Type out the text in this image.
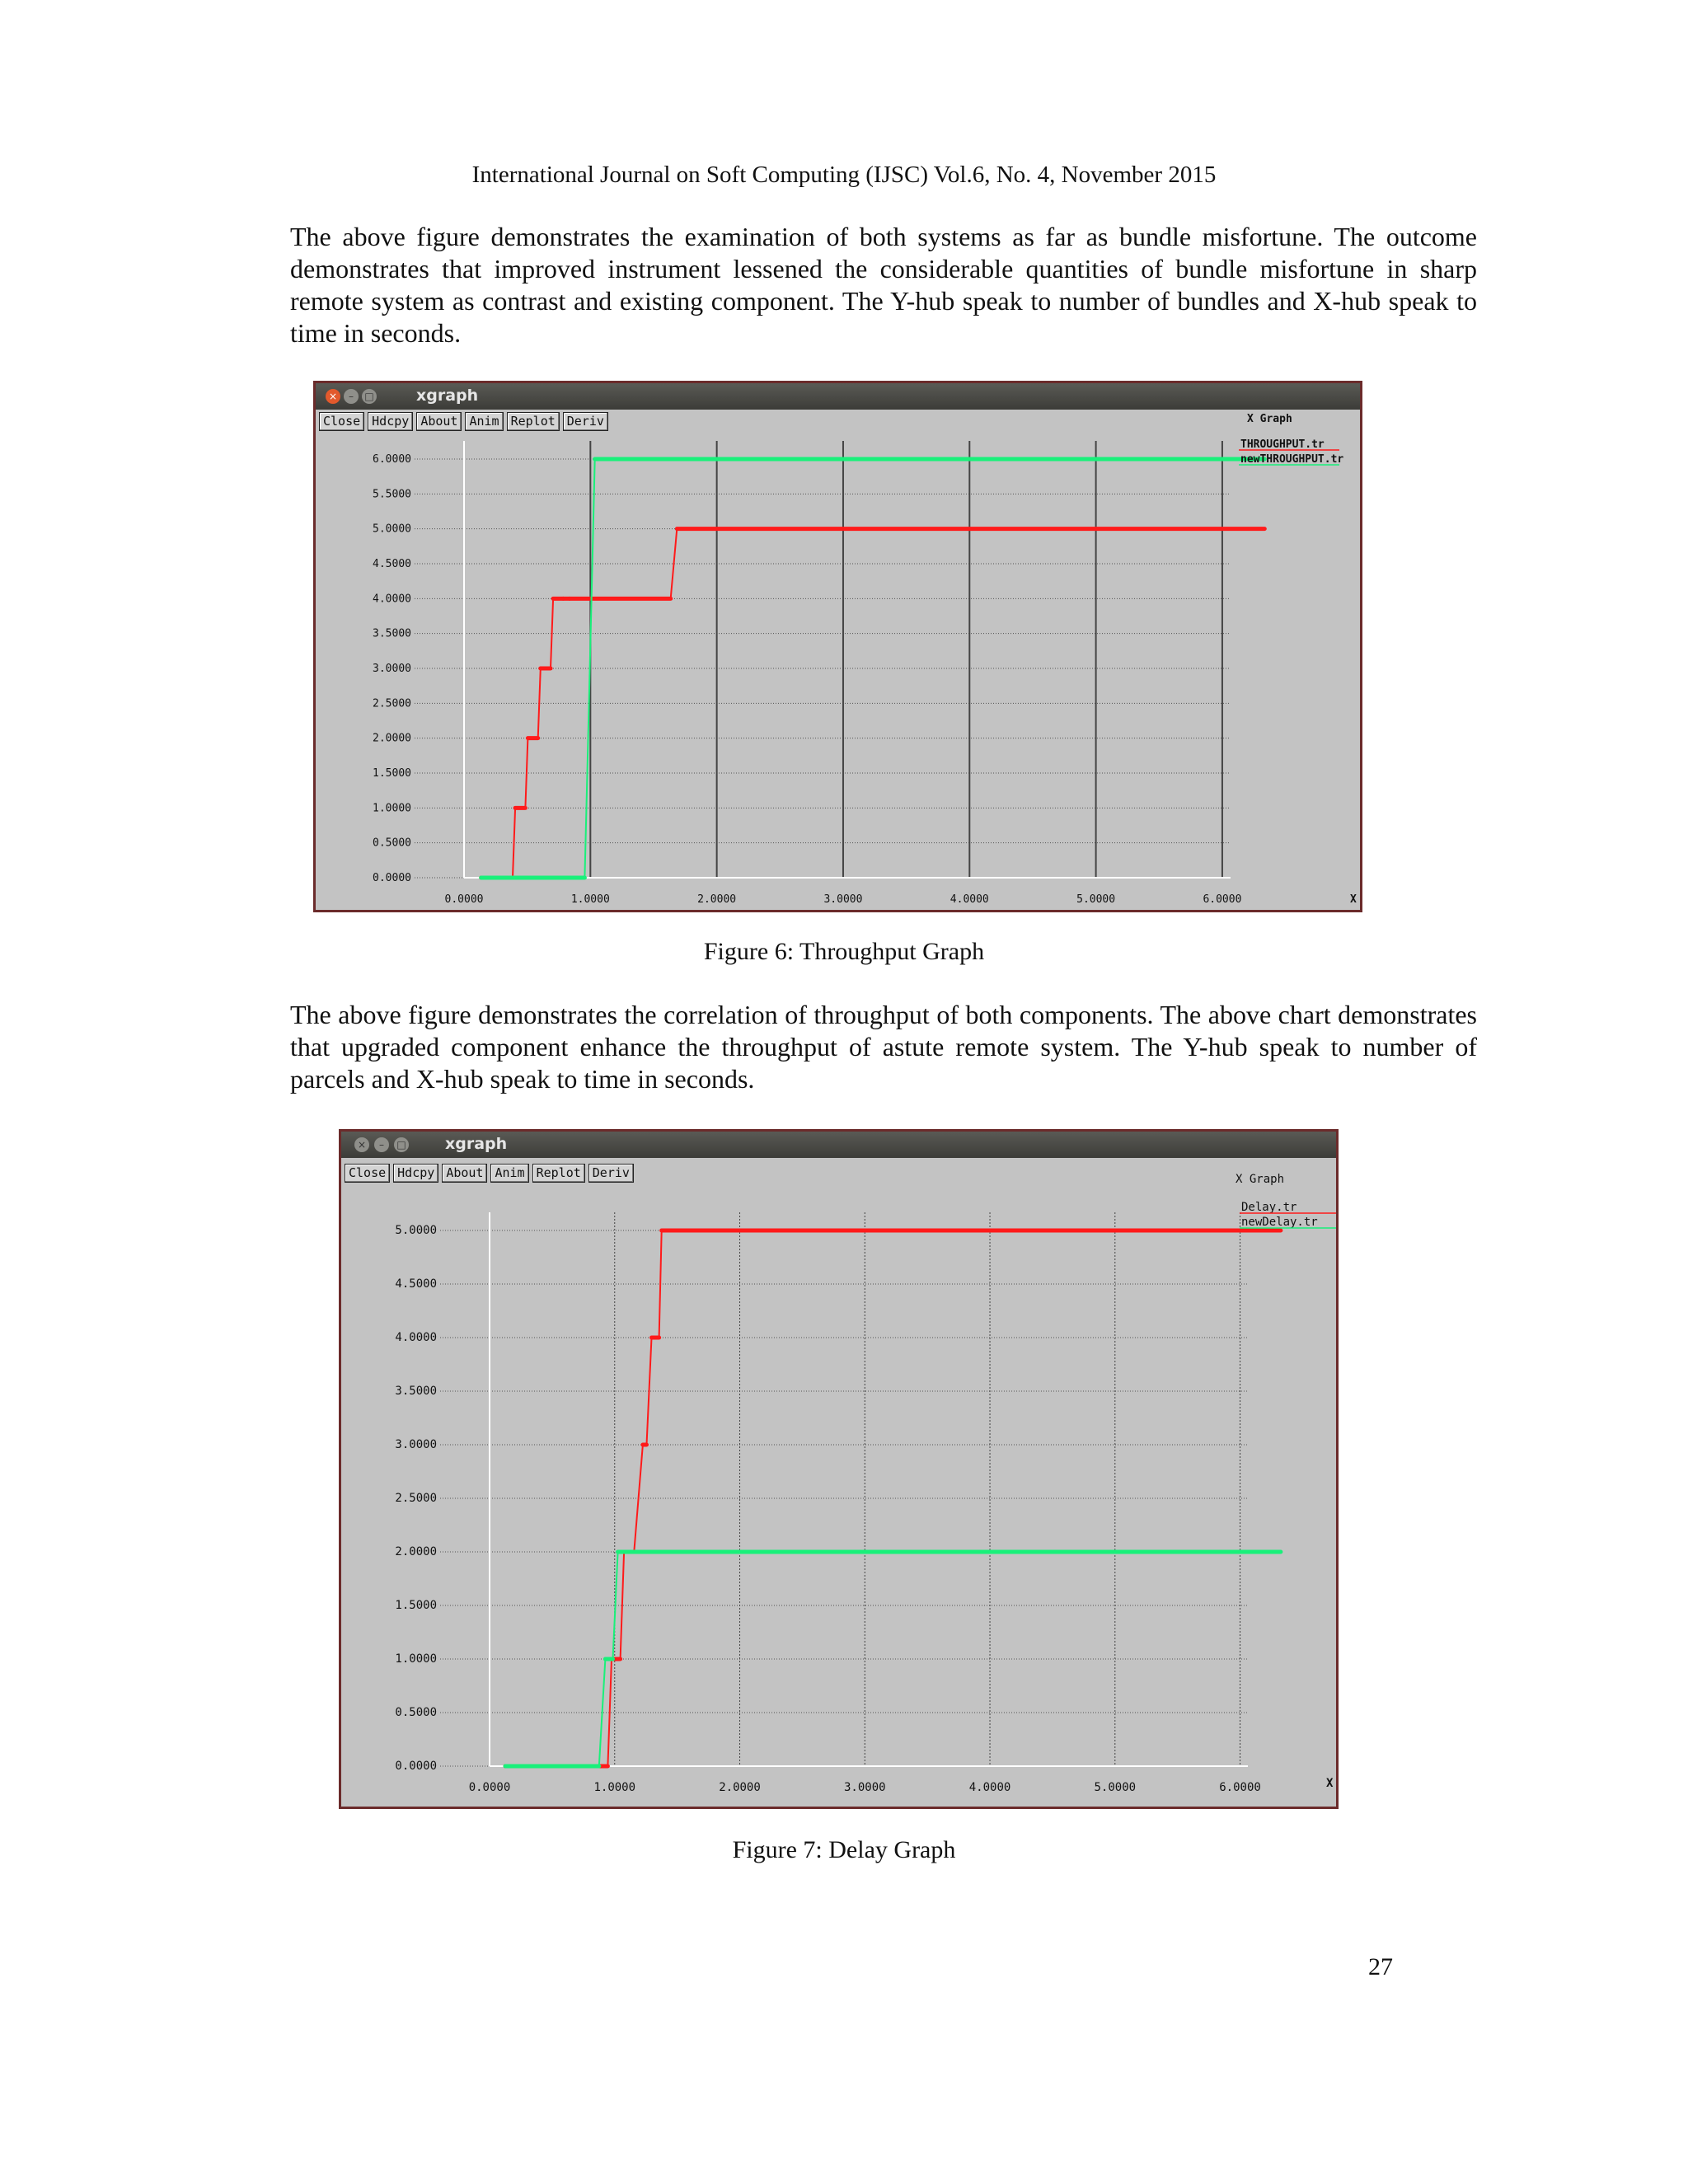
International Journal on Soft Computing (IJSC) Vol.6, No. 4, November 2015

The above figure demonstrates the examination of both systems as far as bundle misfortune. The outcome demonstrates that improved instrument lessened the considerable quantities of bundle misfortune in sharp remote system as contrast and existing component. The Y-hub speak to number of bundles and X-hub speak to time in seconds.

×	–	□	xgraph
Close Hdcpy About Anim Replot Deriv
0.0000
0.5000
1.0000
1.5000
2.0000
2.5000
3.0000
3.5000
4.0000
4.5000
5.0000
5.5000
6.0000
0.0000	1.0000	2.0000	3.0000	4.0000	5.0000	6.0000
THROUGHPUT.tr
newTHROUGHPUT.tr
X Graph
X
Figure 6: Throughput Graph

The above figure demonstrates the correlation of throughput of both components. The above chart demonstrates that upgraded component enhance the throughput of astute remote system. The Y-hub speak to number of parcels and X-hub speak to time in seconds.

×	–	□ xgraph
Close Hdcpy About Anim Replot Deriv
0.0000
0.5000
1.0000
1.5000
2.0000
2.5000
3.0000
3.5000
4.0000
4.5000
5.0000
0.0000	1.0000	2.0000	3.0000	4.0000	5.0000	6.0000
Delay.tr
newDelay.tr
X Graph
X
Figure 7: Delay Graph
27
